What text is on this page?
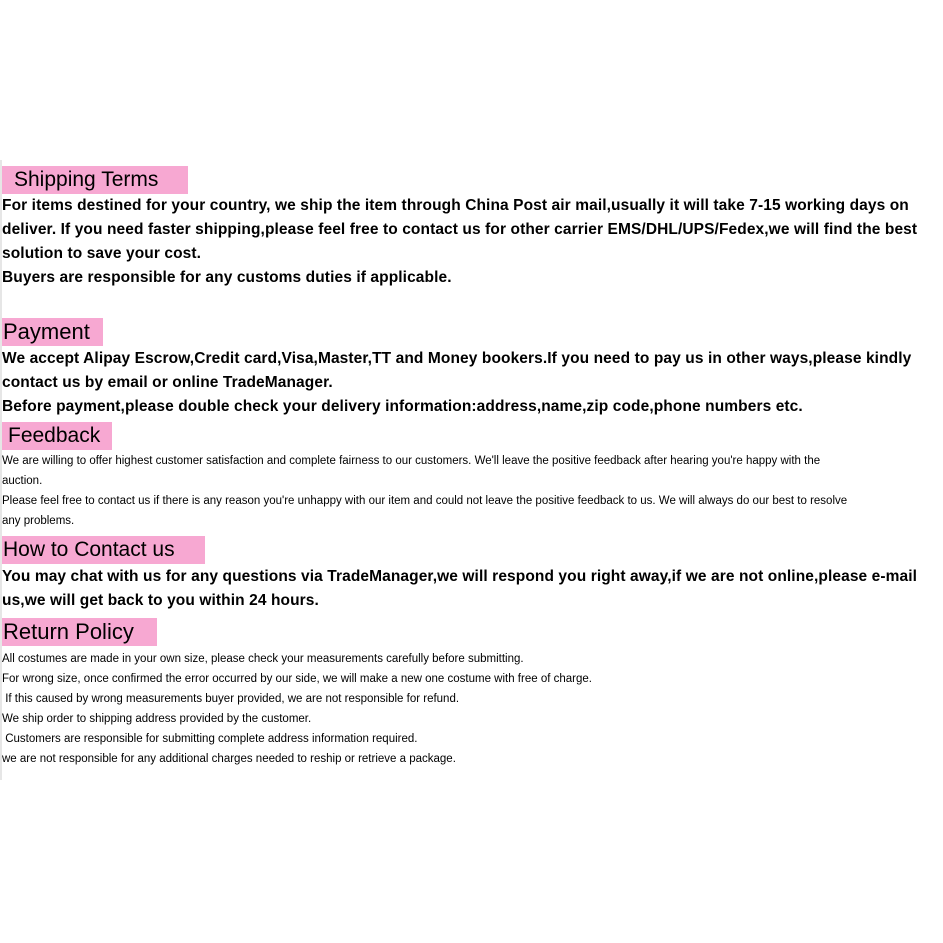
Shipping Terms
For items destined for your country, we ship the item through China Post air mail,usually it will take 7-15 working days on
deliver. If you need faster shipping,please feel free to contact us for other carrier EMS/DHL/UPS/Fedex,we will find the best
solution to save your cost.
Buyers are responsible for any customs duties if applicable.
Payment
We accept Alipay Escrow,Credit card,Visa,Master,TT and Money bookers.If you need to pay us in other ways,please kindly
contact us by email or online TradeManager.
Before payment,please double check your delivery information:address,name,zip code,phone numbers etc.
Feedback
We are willing to offer highest customer satisfaction and complete fairness to our customers. We'll leave the positive feedback after hearing you're happy with the
auction.
Please feel free to contact us if there is any reason you're unhappy with our item and could not leave the positive feedback to us. We will always do our best to resolve
any problems.
How to Contact us
You may chat with us for any questions via TradeManager,we will respond you right away,if we are not online,please e-mail
us,we will get back to you within 24 hours.
Return Policy
All costumes are made in your own size, please check your measurements carefully before submitting.
For wrong size, once confirmed the error occurred by our side, we will make a new one costume with free of charge.
If this caused by wrong measurements buyer provided, we are not responsible for refund.
We ship order to shipping address provided by the customer.
Customers are responsible for submitting complete address information required.
we are not responsible for any additional charges needed to reship or retrieve a package.
